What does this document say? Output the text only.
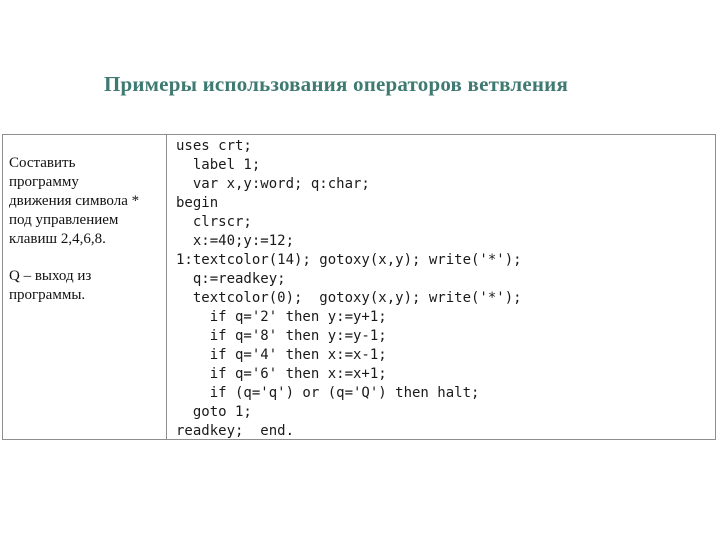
Примеры использования операторов ветвления
Составить
программу
движения символа *
под управлением
клавиш 2,4,6,8.
Q – выход из
программы.
uses crt;
label 1;
var x,y:word; q:char;
begin
clrscr;
x:=40;y:=12;
1:textcolor(14); gotoxy(x,y); write('*');
q:=readkey;
textcolor(0);  gotoxy(x,y); write('*');
if q='2' then y:=y+1;
if q='8' then y:=y-1;
if q='4' then x:=x-1;
if q='6' then x:=x+1;
if (q='q') or (q='Q') then halt;
goto 1;
readkey;  end.
